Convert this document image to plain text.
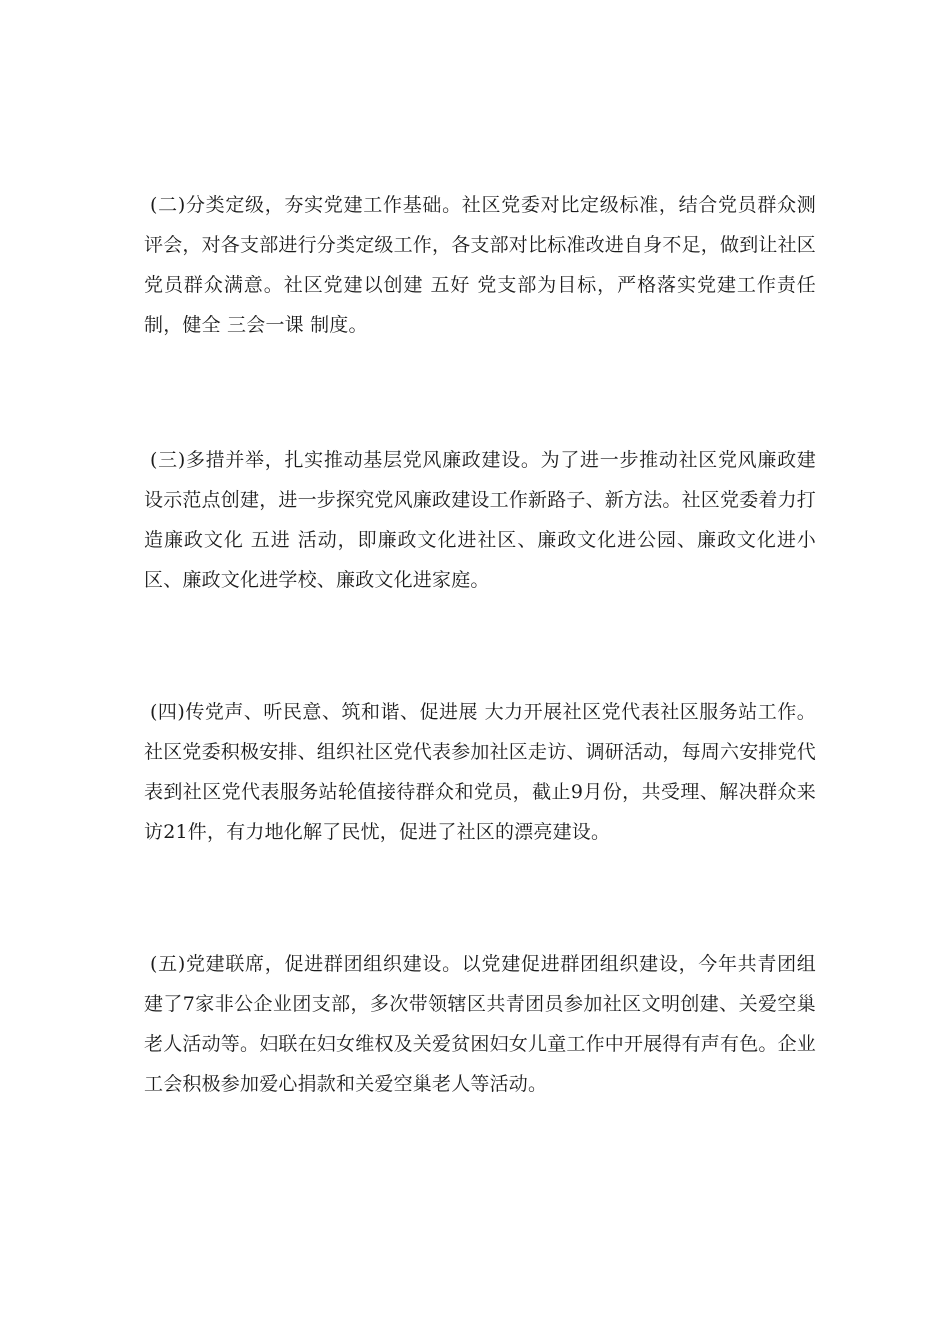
(二)分类定级，夯实党建工作基础。社区党委对比定级标准，结合党员群众测评会，对各支部进行分类定级工作，各支部对比标准改进自身不足，做到让社区党员群众满意。社区党建以创建 五好 党支部为目标，严格落实党建工作责任制，健全 三会一课 制度。

(三)多措并举，扎实推动基层党风廉政建设。为了进一步推动社区党风廉政建设示范点创建，进一步探究党风廉政建设工作新路子、新方法。社区党委着力打造廉政文化 五进 活动，即廉政文化进社区、廉政文化进公园、廉政文化进小区、廉政文化进学校、廉政文化进家庭。

(四)传党声、听民意、筑和谐、促进展 大力开展社区党代表社区服务站工作。社区党委积极安排、组织社区党代表参加社区走访、调研活动，每周六安排党代表到社区党代表服务站轮值接待群众和党员，截止9月份，共受理、解决群众来访21件，有力地化解了民忧，促进了社区的漂亮建设。

(五)党建联席，促进群团组织建设。以党建促进群团组织建设，今年共青团组建了7家非公企业团支部，多次带领辖区共青团员参加社区文明创建、关爱空巢老人活动等。妇联在妇女维权及关爱贫困妇女儿童工作中开展得有声有色。企业工会积极参加爱心捐款和关爱空巢老人等活动。
